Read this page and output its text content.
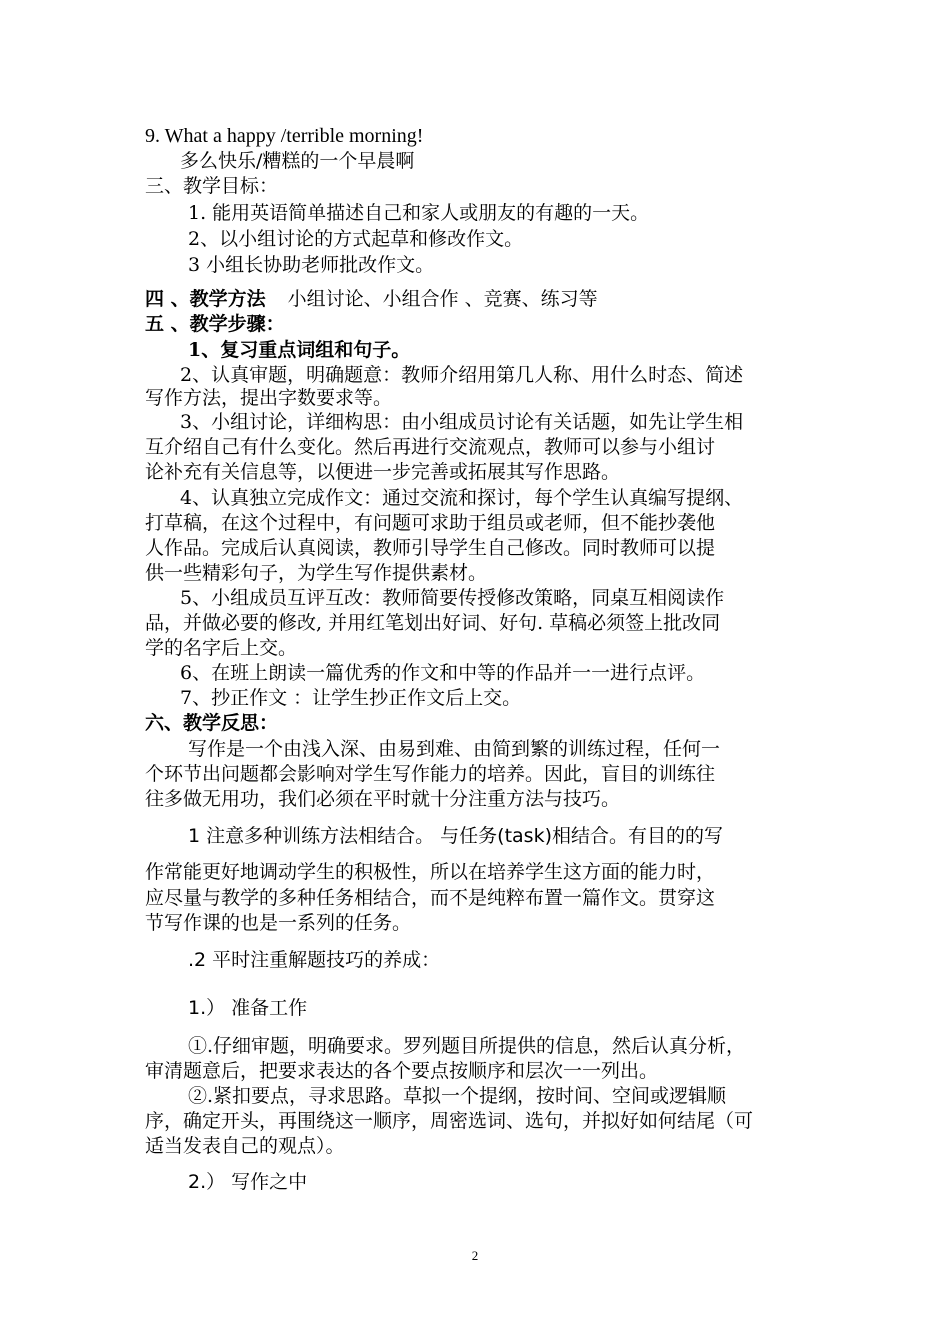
9. What a happy /terrible morning!
多么快乐/糟糕的一个早晨啊
三、教学目标：
1. 能用英语简单描述自己和家人或朋友的有趣的一天。
2、以小组讨论的方式起草和修改作文。
3 小组长协助老师批改作文。
四 、教学方法 小组讨论、小组合作 、竞赛、练习等
五 、教学步骤：
1、复习重点词组和句子。
2、认真审题，明确题意：教师介绍用第几人称、用什么时态、简述
写作方法，提出字数要求等。
3、小组讨论，详细构思：由小组成员讨论有关话题，如先让学生相
互介绍自己有什么变化。然后再进行交流观点，教师可以参与小组讨
论补充有关信息等，以便进一步完善或拓展其写作思路。
4、认真独立完成作文：通过交流和探讨，每个学生认真编写提纲、
打草稿，在这个过程中，有问题可求助于组员或老师，但不能抄袭他
人作品。完成后认真阅读，教师引导学生自己修改。同时教师可以提
供一些精彩句子，为学生写作提供素材。
5、小组成员互评互改：教师简要传授修改策略，同桌互相阅读作
品，并做必要的修改, 并用红笔划出好词、好句. 草稿必须签上批改同
学的名字后上交。
6、在班上朗读一篇优秀的作文和中等的作品并一一进行点评。
7、抄正作文 ：让学生抄正作文后上交。
六、教学反思：
写作是一个由浅入深、由易到难、由简到繁的训练过程，任何一
个环节出问题都会影响对学生写作能力的培养。因此，盲目的训练往
往多做无用功，我们必须在平时就十分注重方法与技巧。
1 注意多种训练方法相结合。 与任务(task)相结合。有目的的写
作常能更好地调动学生的积极性，所以在培养学生这方面的能力时，
应尽量与教学的多种任务相结合，而不是纯粹布置一篇作文。贯穿这
节写作课的也是一系列的任务。
.2 平时注重解题技巧的养成：
1.） 准备工作
①.仔细审题，明确要求。罗列题目所提供的信息，然后认真分析，
审清题意后，把要求表达的各个要点按顺序和层次一一列出。
②.紧扣要点，寻求思路。草拟一个提纲，按时间、空间或逻辑顺
序，确定开头，再围绕这一顺序，周密选词、选句，并拟好如何结尾（可
适当发表自己的观点）。
2.） 写作之中
2
